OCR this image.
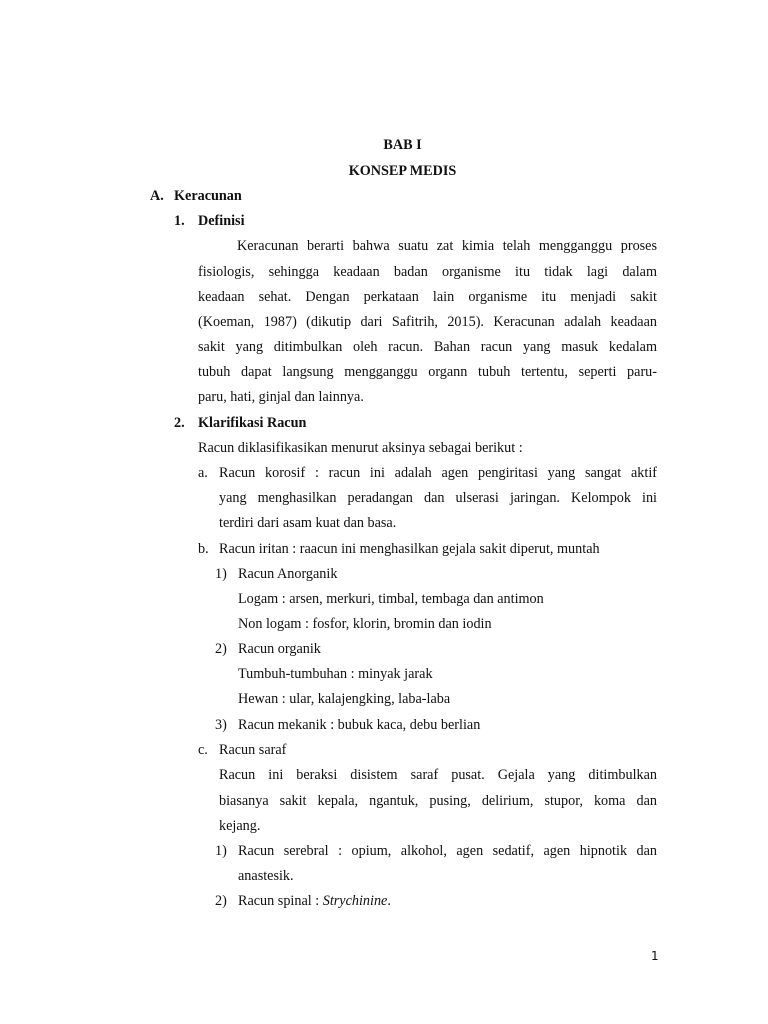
BAB I
KONSEP MEDIS
A. Keracunan
1. Definisi
Keracunan berarti bahwa suatu zat kimia telah mengganggu proses
fisiologis, sehingga keadaan badan organisme itu tidak lagi dalam
keadaan sehat. Dengan perkataan lain organisme itu menjadi sakit
(Koeman, 1987) (dikutip dari Safitrih, 2015). Keracunan adalah keadaan
sakit yang ditimbulkan oleh racun. Bahan racun yang masuk kedalam
tubuh dapat langsung mengganggu organn tubuh tertentu, seperti paru-
paru, hati, ginjal dan lainnya.
2. Klarifikasi Racun
Racun diklasifikasikan menurut aksinya sebagai berikut :
a. Racun korosif : racun ini adalah agen pengiritasi yang sangat aktif
yang menghasilkan peradangan dan ulserasi jaringan. Kelompok ini
terdiri dari asam kuat dan basa.
b. Racun iritan : raacun ini menghasilkan gejala sakit diperut, muntah
1) Racun Anorganik
Logam : arsen, merkuri, timbal, tembaga dan antimon
Non logam : fosfor, klorin, bromin dan iodin
2) Racun organik
Tumbuh-tumbuhan : minyak jarak
Hewan : ular, kalajengking, laba-laba
3) Racun mekanik : bubuk kaca, debu berlian
c. Racun saraf
Racun ini beraksi disistem saraf pusat. Gejala yang ditimbulkan
biasanya sakit kepala, ngantuk, pusing, delirium, stupor, koma dan
kejang.
1) Racun serebral : opium, alkohol, agen sedatif, agen hipnotik dan
anastesik.
2) Racun spinal : Strychinine.
1
